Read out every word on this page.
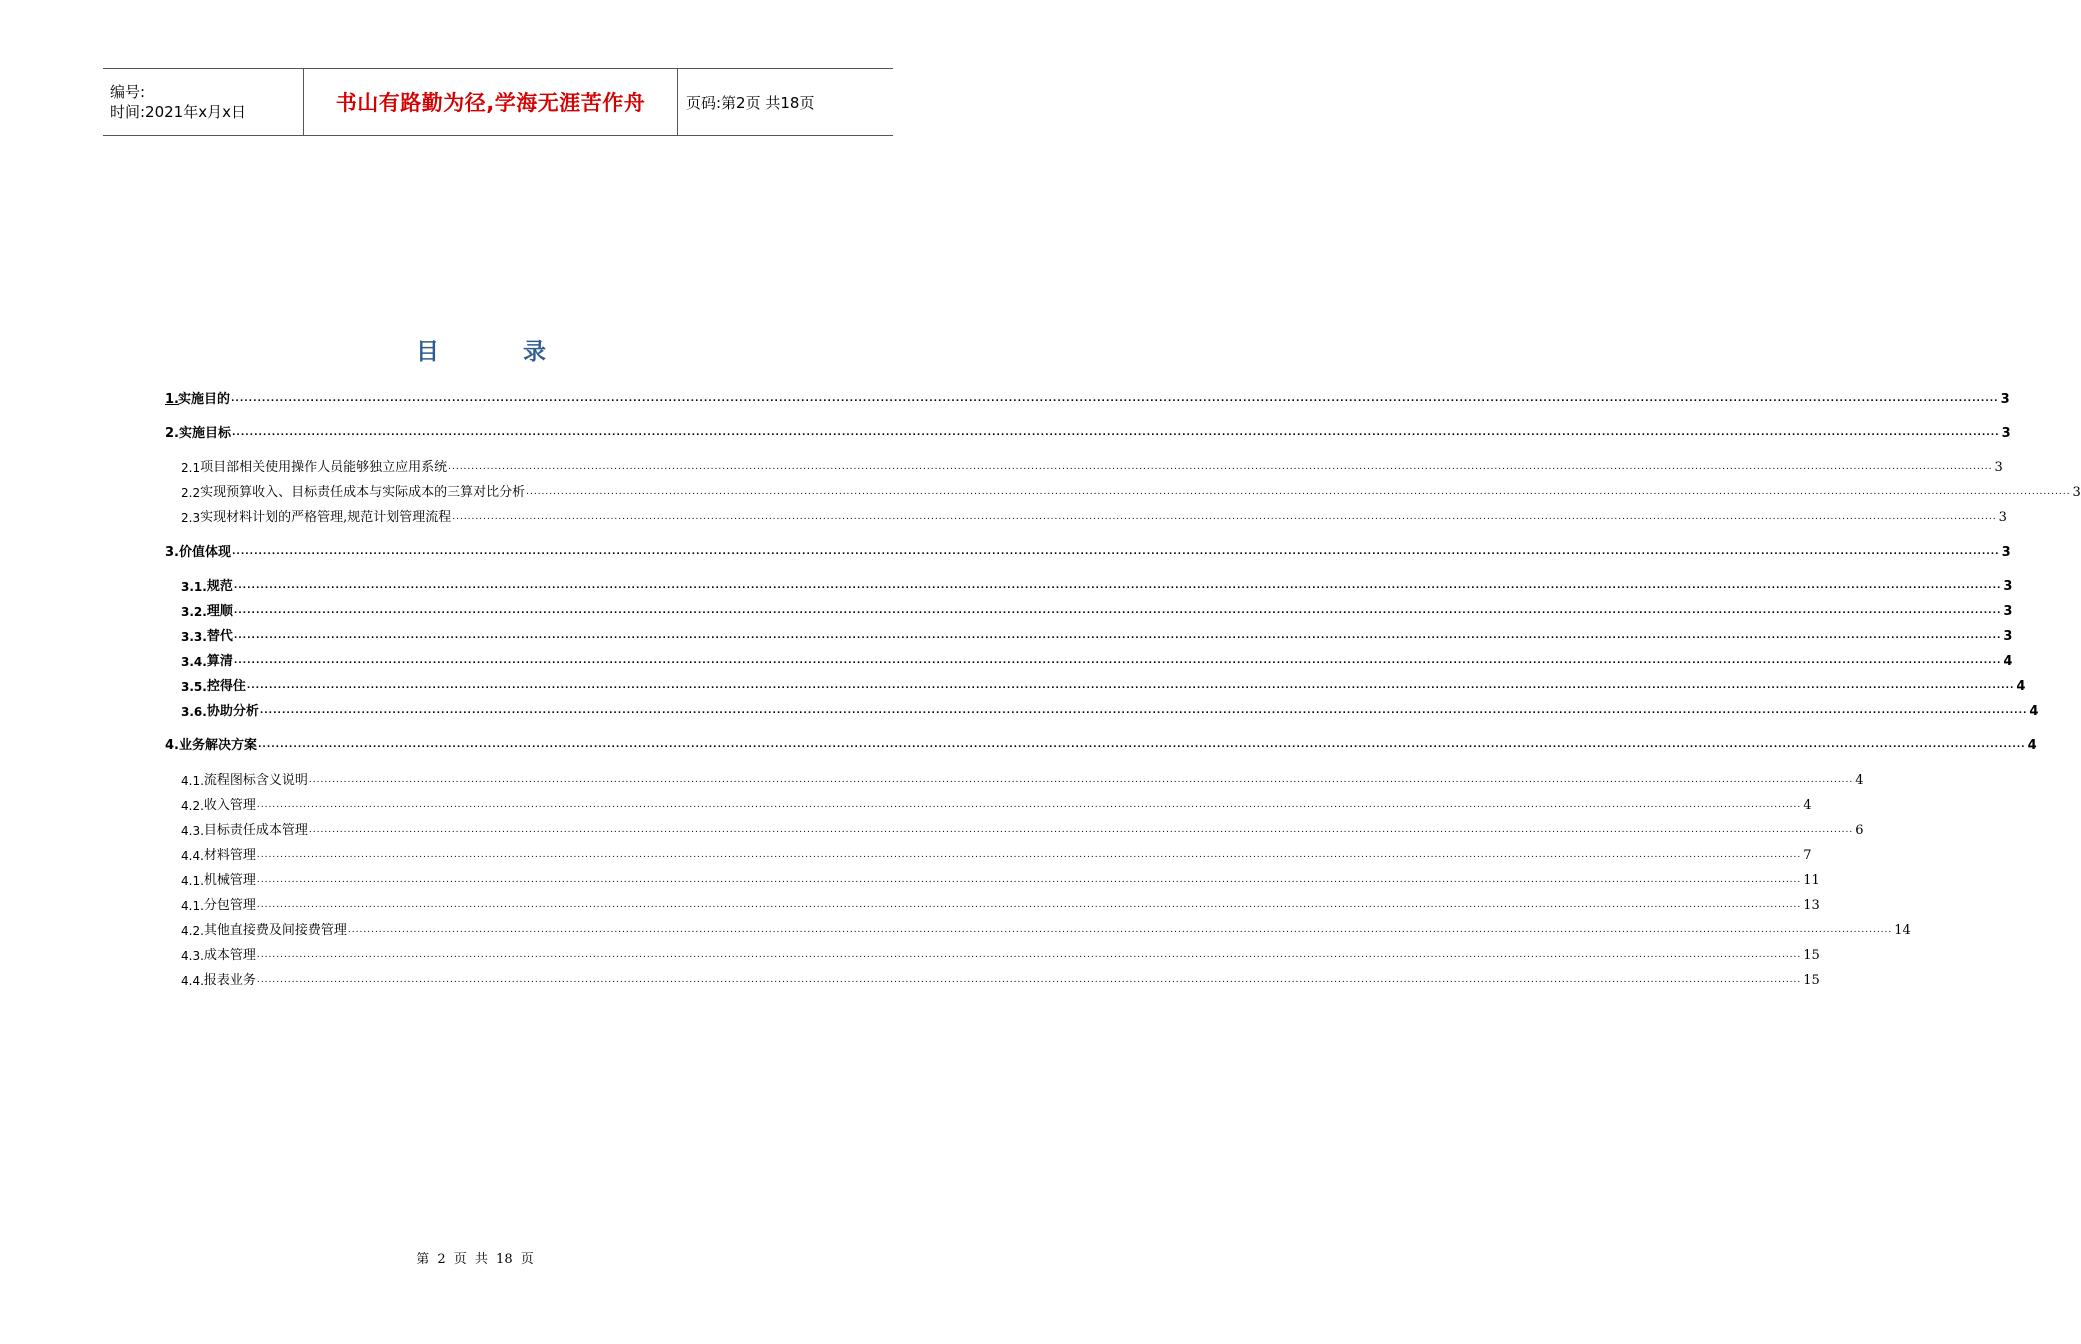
编号:
时间:2021年x月x日	书山有路勤为径,学海无涯苦作舟	页码:第2页 共18页
目 录
1. 实施目的 ................................................................................................................................................................................................................................................................................................................................................................................................................ 3
2. 实施目标 ................................................................................................................................................................................................................................................................................................................................................................................................................ 3
2.1 项目部相关使用操作人员能够独立应用系统 ................................................................................................................................................................................................................................................................................................................................................................................................................ 3
2.2 实现预算收入、目标责任成本与实际成本的三算对比分析 ................................................................................................................................................................................................................................................................................................................................................................................................................ 3
2.3 实现材料计划的严格管理,规范计划管理流程 ................................................................................................................................................................................................................................................................................................................................................................................................................ 3
3. 价值体现 ................................................................................................................................................................................................................................................................................................................................................................................................................ 3
3.1. 规范 ................................................................................................................................................................................................................................................................................................................................................................................................................ 3
3.2. 理顺 ................................................................................................................................................................................................................................................................................................................................................................................................................ 3
3.3. 替代 ................................................................................................................................................................................................................................................................................................................................................................................................................ 3
3.4. 算清 ................................................................................................................................................................................................................................................................................................................................................................................................................ 4
3.5. 控得住 ................................................................................................................................................................................................................................................................................................................................................................................................................ 4
3.6. 协助分析 ................................................................................................................................................................................................................................................................................................................................................................................................................ 4
4. 业务解决方案 ................................................................................................................................................................................................................................................................................................................................................................................................................ 4
4.1. 流程图标含义说明 ................................................................................................................................................................................................................................................................................................................................................................................................................ 4
4.2. 收入管理 ................................................................................................................................................................................................................................................................................................................................................................................................................ 4
4.3. 目标责任成本管理 ................................................................................................................................................................................................................................................................................................................................................................................................................ 6
4.4. 材料管理 ................................................................................................................................................................................................................................................................................................................................................................................................................ 7
4.1. 机械管理 ................................................................................................................................................................................................................................................................................................................................................................................................................ 11
4.1. 分包管理 ................................................................................................................................................................................................................................................................................................................................................................................................................ 13
4.2. 其他直接费及间接费管理 ................................................................................................................................................................................................................................................................................................................................................................................................................ 14
4.3. 成本管理 ................................................................................................................................................................................................................................................................................................................................................................................................................ 15
4.4. 报表业务 ................................................................................................................................................................................................................................................................................................................................................................................................................ 15
第 2 页 共 18 页
